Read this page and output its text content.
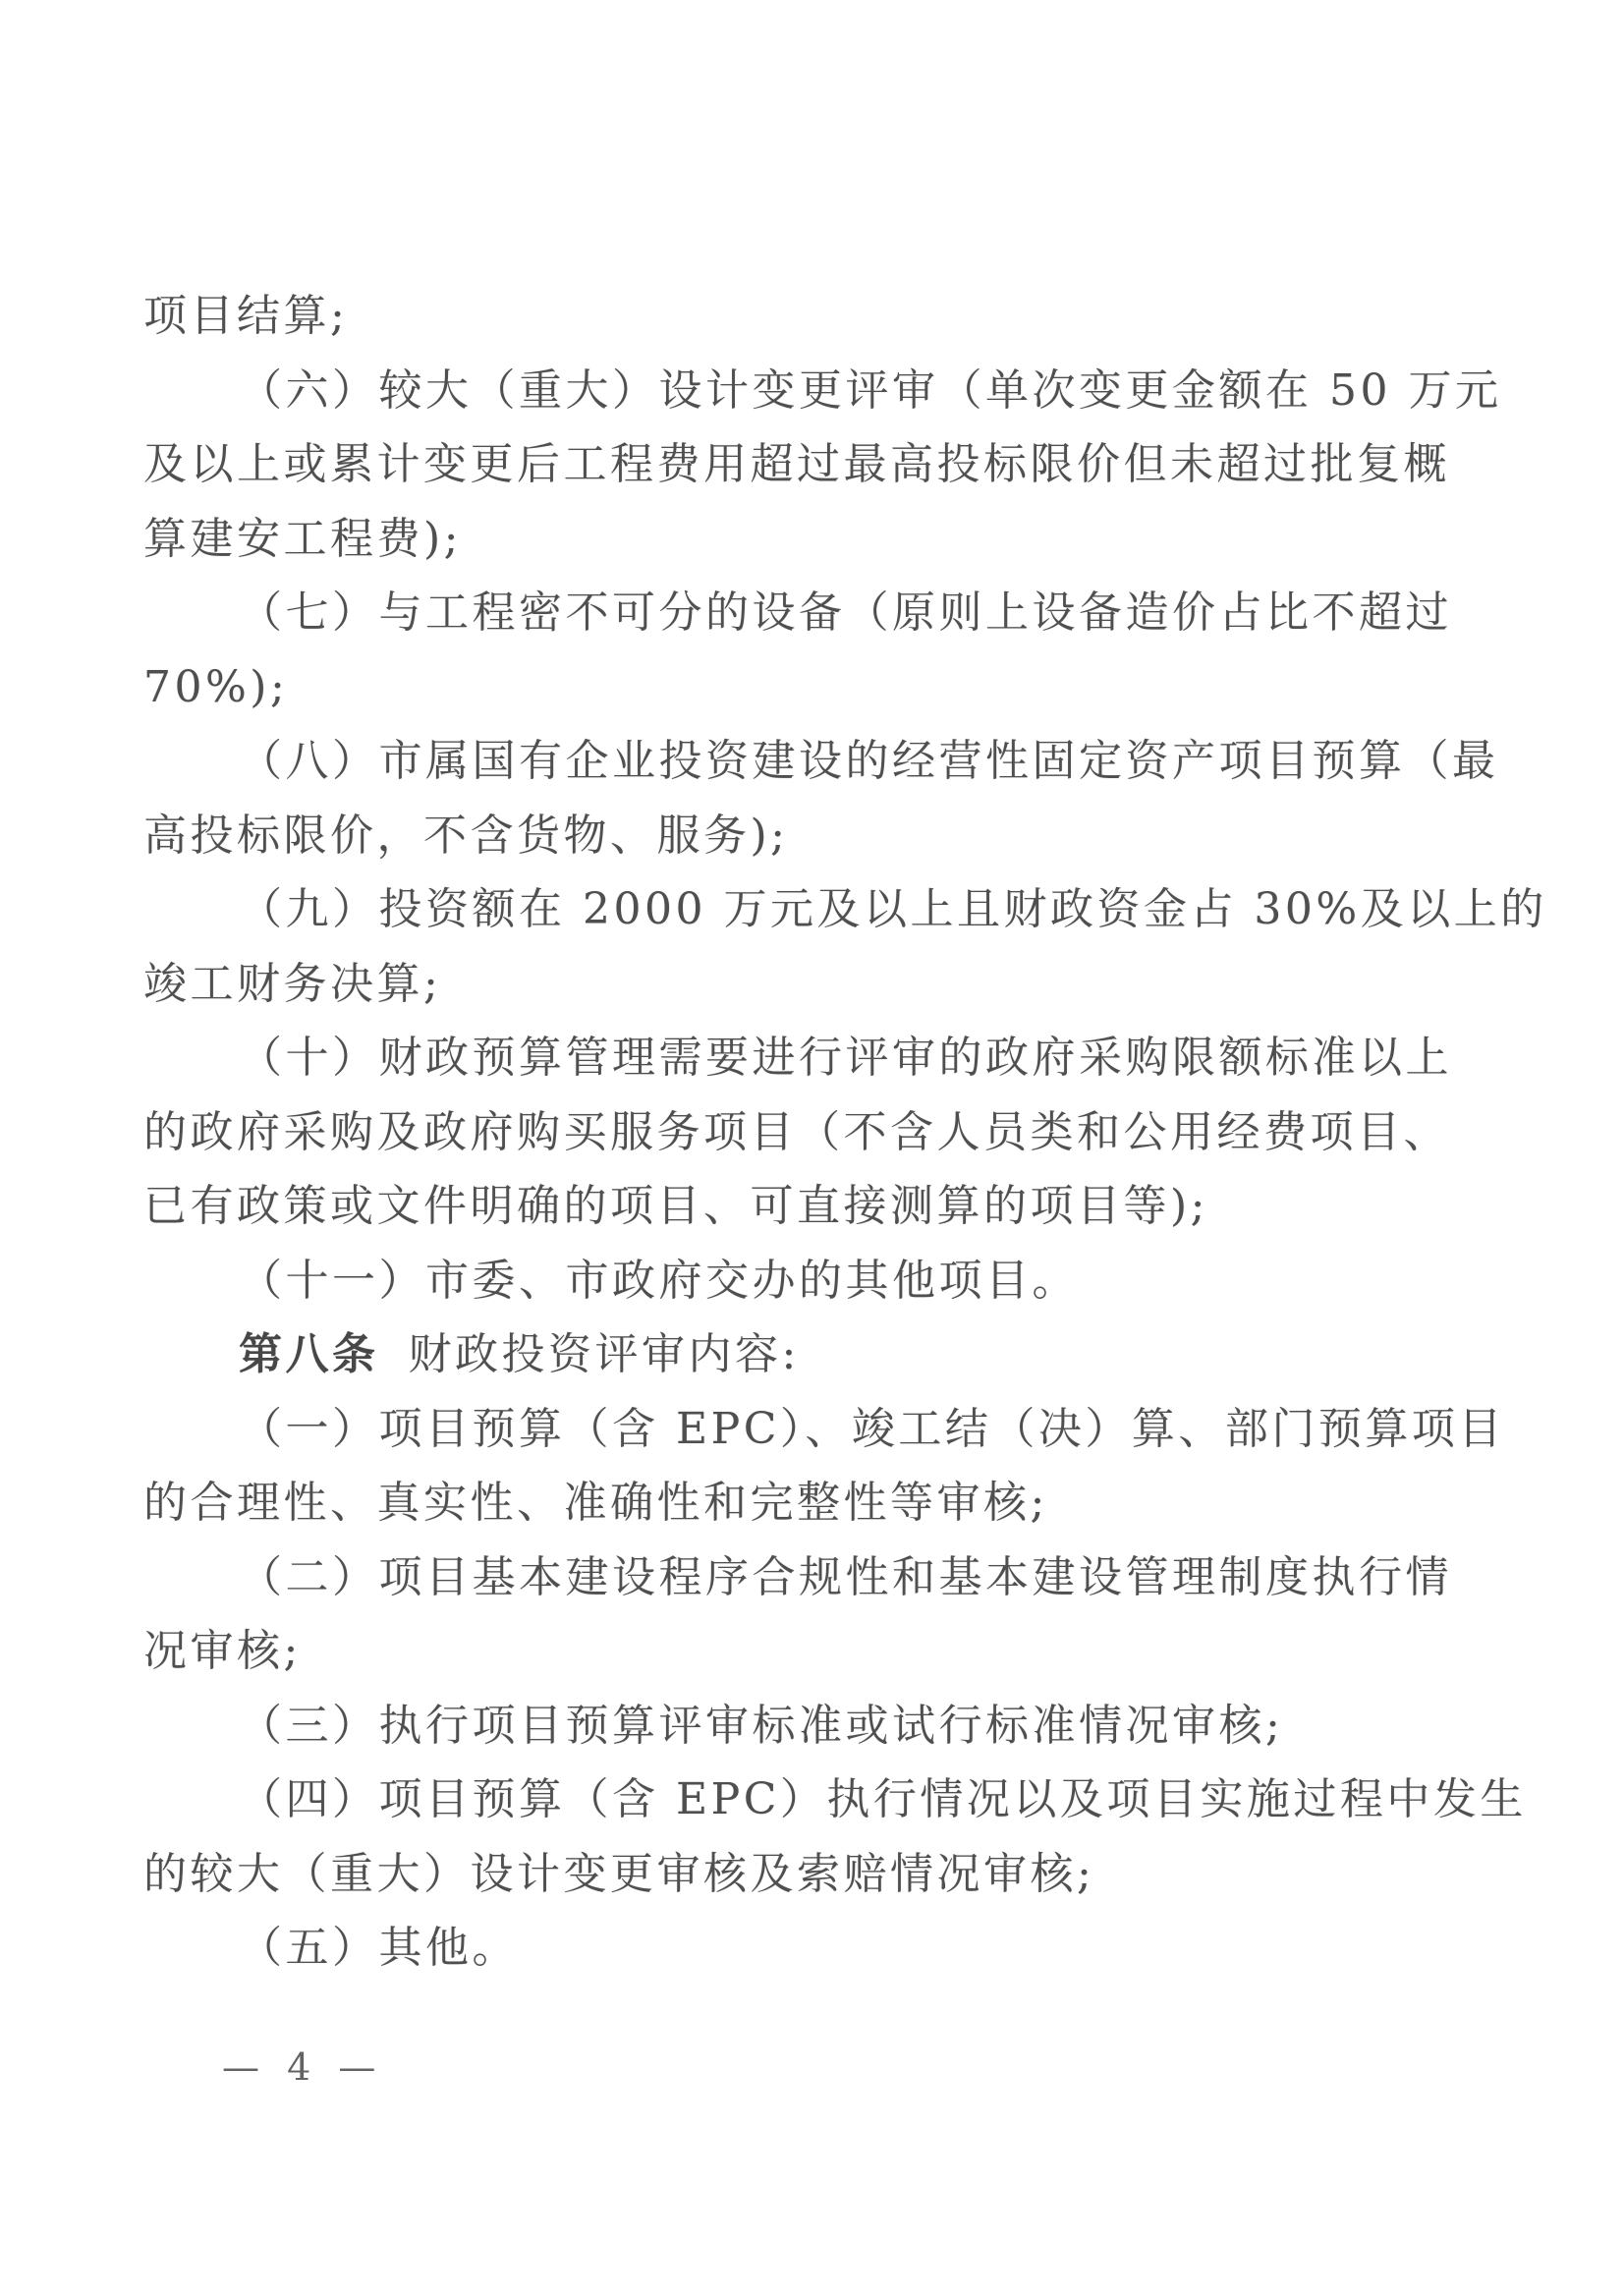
项目结算;
（六）较大（重大）设计变更评审（单次变更金额在 50 万元
及以上或累计变更后工程费用超过最高投标限价但未超过批复概
算建安工程费);
（七）与工程密不可分的设备（原则上设备造价占比不超过
70%);
（八）市属国有企业投资建设的经营性固定资产项目预算（最
高投标限价，不含货物、服务);
（九）投资额在 2000 万元及以上且财政资金占 30%及以上的
竣工财务决算;
（十）财政预算管理需要进行评审的政府采购限额标准以上
的政府采购及政府购买服务项目（不含人员类和公用经费项目、
已有政策或文件明确的项目、可直接测算的项目等);
（十一）市委、市政府交办的其他项目。
第八条 财政投资评审内容:
（一）项目预算（含 EPC）、竣工结（决）算、部门预算项目
的合理性、真实性、准确性和完整性等审核;
（二）项目基本建设程序合规性和基本建设管理制度执行情
况审核;
（三）执行项目预算评审标准或试行标准情况审核;
（四）项目预算（含 EPC）执行情况以及项目实施过程中发生
的较大（重大）设计变更审核及索赔情况审核;
（五）其他。
— 4 —
